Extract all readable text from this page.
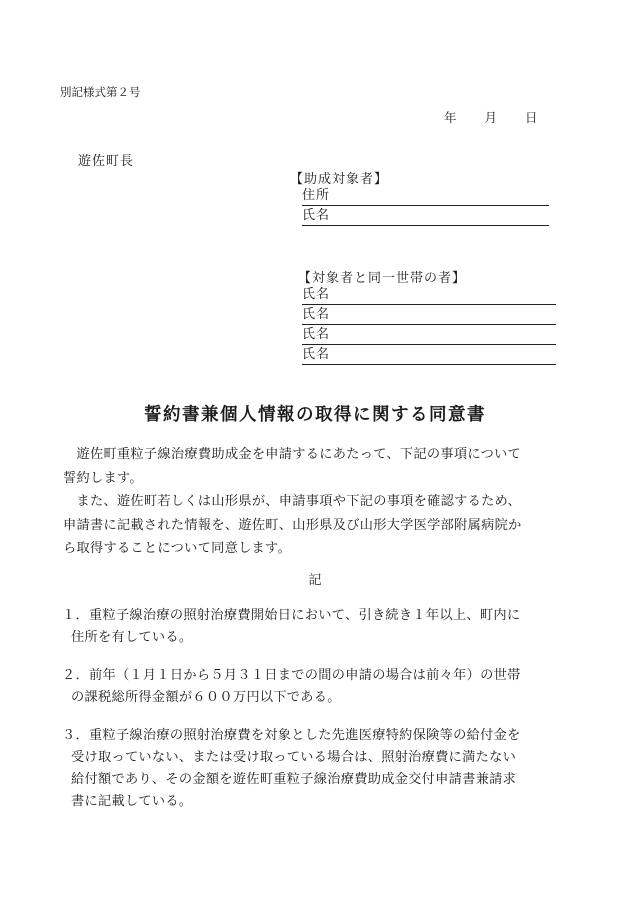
別記様式第２号
年 月 日
遊佐町長
【助成対象者】
住所
氏名
【対象者と同一世帯の者】
氏名
氏名
氏名
氏名
誓約書兼個人情報の取得に関する同意書
　遊佐町重粒子線治療費助成金を申請するにあたって、下記の事項について
誓約します。
　また、遊佐町若しくは山形県が、申請事項や下記の事項を確認するため、
申請書に記載された情報を、遊佐町、山形県及び山形大学医学部附属病院か
ら取得することについて同意します。
記
１．重粒子線治療の照射治療費開始日において、引き続き１年以上、町内に
住所を有している。
２．前年（１月１日から５月３１日までの間の申請の場合は前々年）の世帯
の課税総所得金額が６００万円以下である。
３．重粒子線治療の照射治療費を対象とした先進医療特約保険等の給付金を
受け取っていない、または受け取っている場合は、照射治療費に満たない
給付額であり、その金額を遊佐町重粒子線治療費助成金交付申請書兼請求
書に記載している。
